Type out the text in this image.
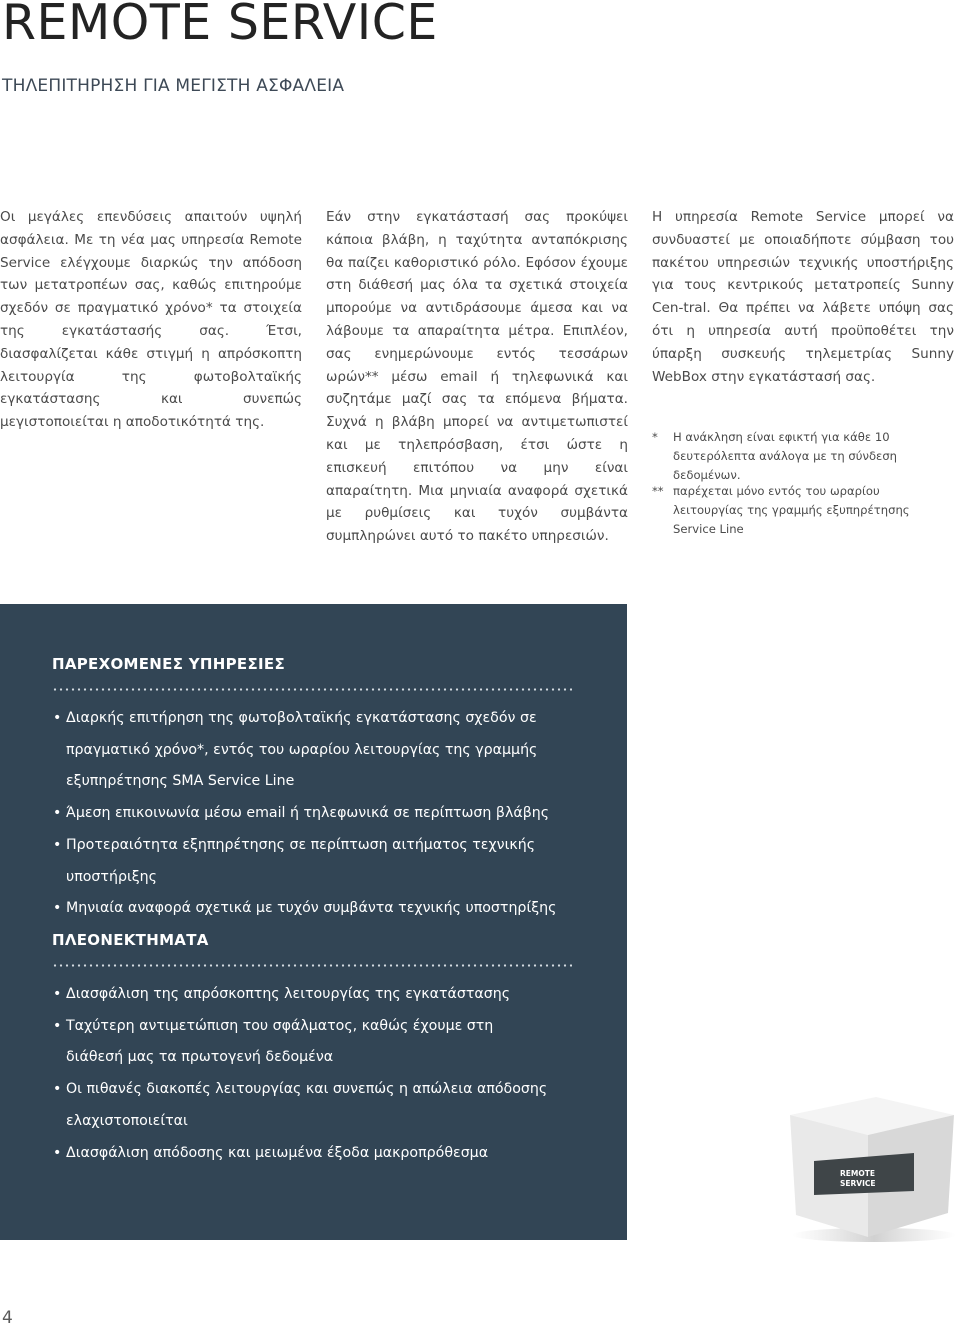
REMOTE SERVICE
ΤΗΛΕΠΙΤΗΡΗΣΗ ΓΙΑ ΜΕΓΙΣΤΗ ΑΣΦΑΛΕΙΑ

Οι μεγάλες επενδύσεις απαιτούν υψηλή ασφάλεια. Με τη νέα μας υπηρεσία Remote Service ελέγχουμε διαρκώς την απόδοση των μετατροπέων σας, καθώς επιτηρούμε σχεδόν σε πραγματικό χρόνο* τα στοιχεία της εγκατάστασής σας. Έτσι, διασφαλίζεται κάθε στιγμή η απρόσκοπτη λειτουργία της φωτοβολταϊκής εγκατάστασης και συνεπώς μεγιστοποιείται η αποδοτικότητά της.

Εάν στην εγκατάστασή σας προκύψει κάποια βλάβη, η ταχύτητα ανταπόκρισης θα παίζει καθοριστικό ρόλο. Εφόσον έχουμε στη διάθεσή μας όλα τα σχετικά στοιχεία μπορούμε να αντιδράσουμε άμεσα και να λάβουμε τα απαραίτητα μέτρα. Επιπλέον, σας ενημερώνουμε εντός τεσσάρων ωρών** μέσω email ή τηλεφωνικά και συζητάμε μαζί σας τα επόμενα βήματα. Συχνά η βλάβη μπορεί να αντιμετωπιστεί και με τηλεπρόσβαση, έτσι ώστε η επισκευή επιτόπου να μην είναι απαραίτητη. Μια μηνιαία αναφορά σχετικά με ρυθμίσεις και τυχόν συμβάντα συμπληρώνει αυτό το πακέτο υπηρεσιών.

Η υπηρεσία Remote Service μπορεί να συνδυαστεί με οποιαδήποτε σύμβαση του πακέτου υπηρεσιών τεχνικής υποστήριξης για τους κεντρικούς μετατροπείς Sunny Cen-tral. Θα πρέπει να λάβετε υπόψη σας ότι η υπηρεσία αυτή προϋποθέτει την ύπαρξη συσκευής τηλεμετρίας Sunny WebBox στην εγκατάστασή σας.

* Η ανάκληση είναι εφικτή για κάθε 10 δευτερόλεπτα ανάλογα με τη σύνδεση δεδομένων.
** παρέχεται μόνο εντός του ωραρίου λειτουργίας της γραμμής εξυπηρέτησης Service Line
ΠΑΡΕΧΟΜΕΝΕΣ ΥΠΗΡΕΣΙΕΣ
• Διαρκής επιτήρηση της φωτοβολταϊκής εγκατάστασης σχεδόν σε
πραγματικό χρόνο*, εντός του ωραρίου λειτουργίας της γραμμής
εξυπηρέτησης SMA Service Line
• Άμεση επικοινωνία μέσω email ή τηλεφωνικά σε περίπτωση βλάβης
• Προτεραιότητα εξηπηρέτησης σε περίπτωση αιτήματος τεχνικής υποστήριξης
• Μηνιαία αναφορά σχετικά με τυχόν συμβάντα τεχνικής υποστηρίξης
ΠΛΕΟΝΕΚΤΗΜΑΤΑ
• Διασφάλιση της απρόσκοπτης λειτουργίας της εγκατάστασης
• Ταχύτερη αντιμετώπιση του σφάλματος, καθώς έχουμε στη
διάθεσή μας τα πρωτογενή δεδομένα
• Οι πιθανές διακοπές λειτουργίας και συνεπώς η απώλεια απόδοσης
ελαχιστοποιείται
• Διασφάλιση απόδοσης και μειωμένα έξοδα μακροπρόθεσμα
REMOTE
SERVICE

4
